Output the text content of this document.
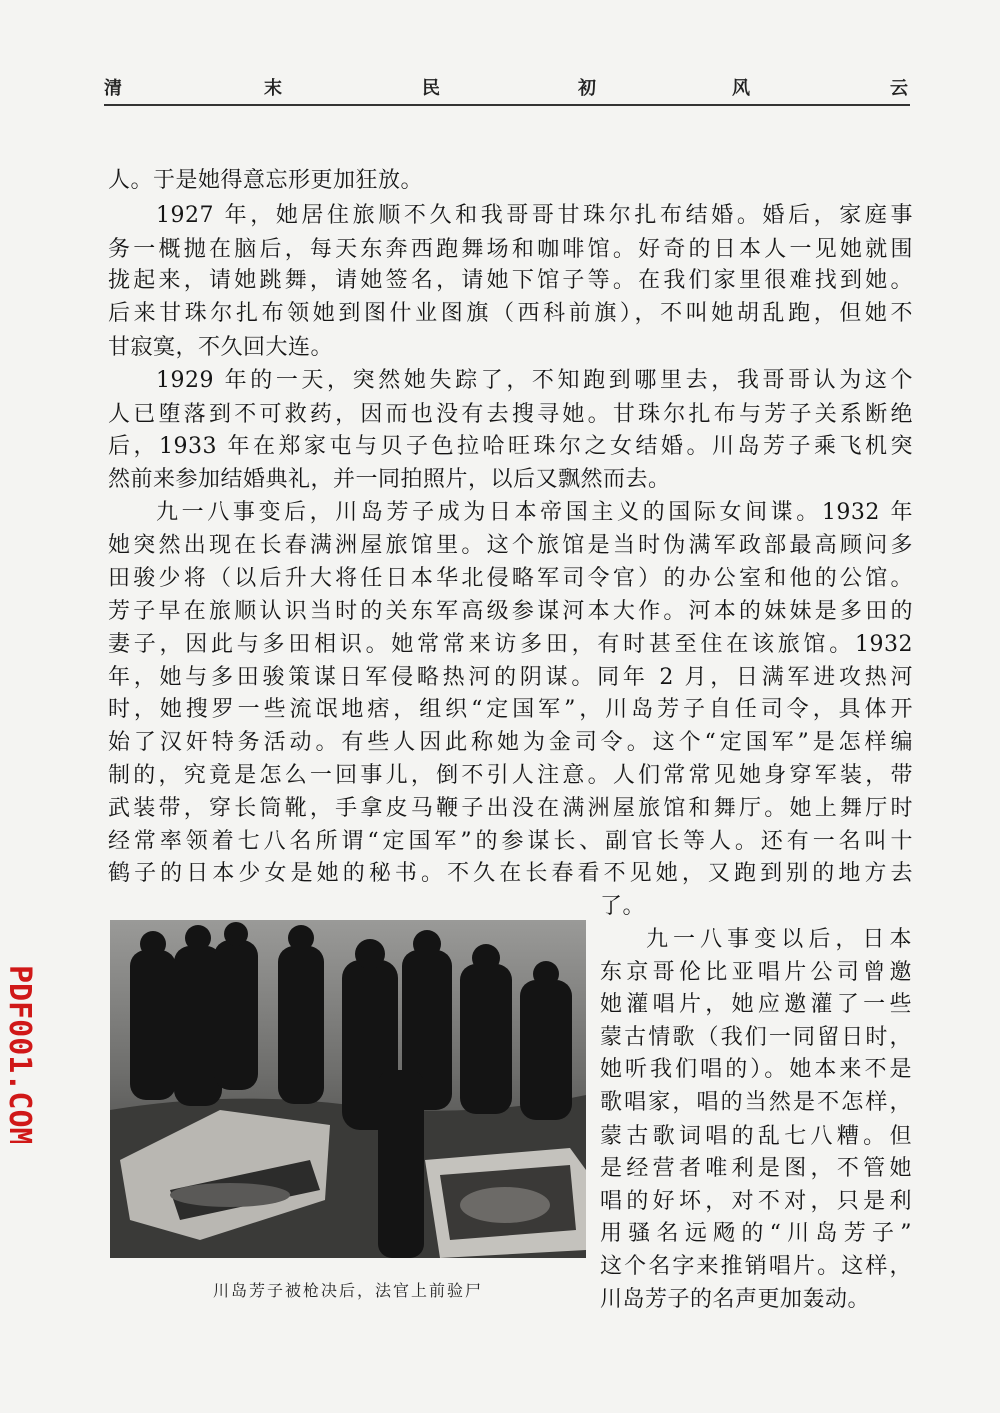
清	末	民	初	风	云
人。于是她得意忘形更加狂放。
1927 年，她居住旅顺不久和我哥哥甘珠尔扎布结婚。婚后，家庭事
务一概抛在脑后，每天东奔西跑舞场和咖啡馆。好奇的日本人一见她就围
拢起来，请她跳舞，请她签名，请她下馆子等。在我们家里很难找到她。
后来甘珠尔扎布领她到图什业图旗（西科前旗），不叫她胡乱跑，但她不
甘寂寞，不久回大连。
1929 年的一天，突然她失踪了，不知跑到哪里去，我哥哥认为这个
人已堕落到不可救药，因而也没有去搜寻她。甘珠尔扎布与芳子关系断绝
后，1933 年在郑家屯与贝子色拉哈旺珠尔之女结婚。川岛芳子乘飞机突
然前来参加结婚典礼，并一同拍照片，以后又飘然而去。
九一八事变后，川岛芳子成为日本帝国主义的国际女间谍。1932 年
她突然出现在长春满洲屋旅馆里。这个旅馆是当时伪满军政部最高顾问多
田骏少将（以后升大将任日本华北侵略军司令官）的办公室和他的公馆。
芳子早在旅顺认识当时的关东军高级参谋河本大作。河本的妹妹是多田的
妻子，因此与多田相识。她常常来访多田，有时甚至住在该旅馆。1932
年，她与多田骏策谋日军侵略热河的阴谋。同年 2 月，日满军进攻热河
时，她搜罗一些流氓地痞，组织“定国军”，川岛芳子自任司令，具体开
始了汉奸特务活动。有些人因此称她为金司令。这个“定国军”是怎样编
制的，究竟是怎么一回事儿，倒不引人注意。人们常常见她身穿军装，带
武装带，穿长筒靴，手拿皮马鞭子出没在满洲屋旅馆和舞厅。她上舞厅时
经常率领着七八名所谓“定国军”的参谋长、副官长等人。还有一名叫十
鹤子的日本少女是她的秘书。不久在长春看不见她，又跑到别的地方去
川岛芳子被枪决后，法官上前验尸
了。
九一八事变以后，日本
东京哥伦比亚唱片公司曾邀
她灌唱片，她应邀灌了一些
蒙古情歌（我们一同留日时，
她听我们唱的）。她本来不是
歌唱家，唱的当然是不怎样，
蒙古歌词唱的乱七八糟。但
是经营者唯利是图，不管她
唱的好坏，对不对，只是利
用骚名远飏的“川岛芳子”
这个名字来推销唱片。这样，
川岛芳子的名声更加轰动。
PDF001.COM
